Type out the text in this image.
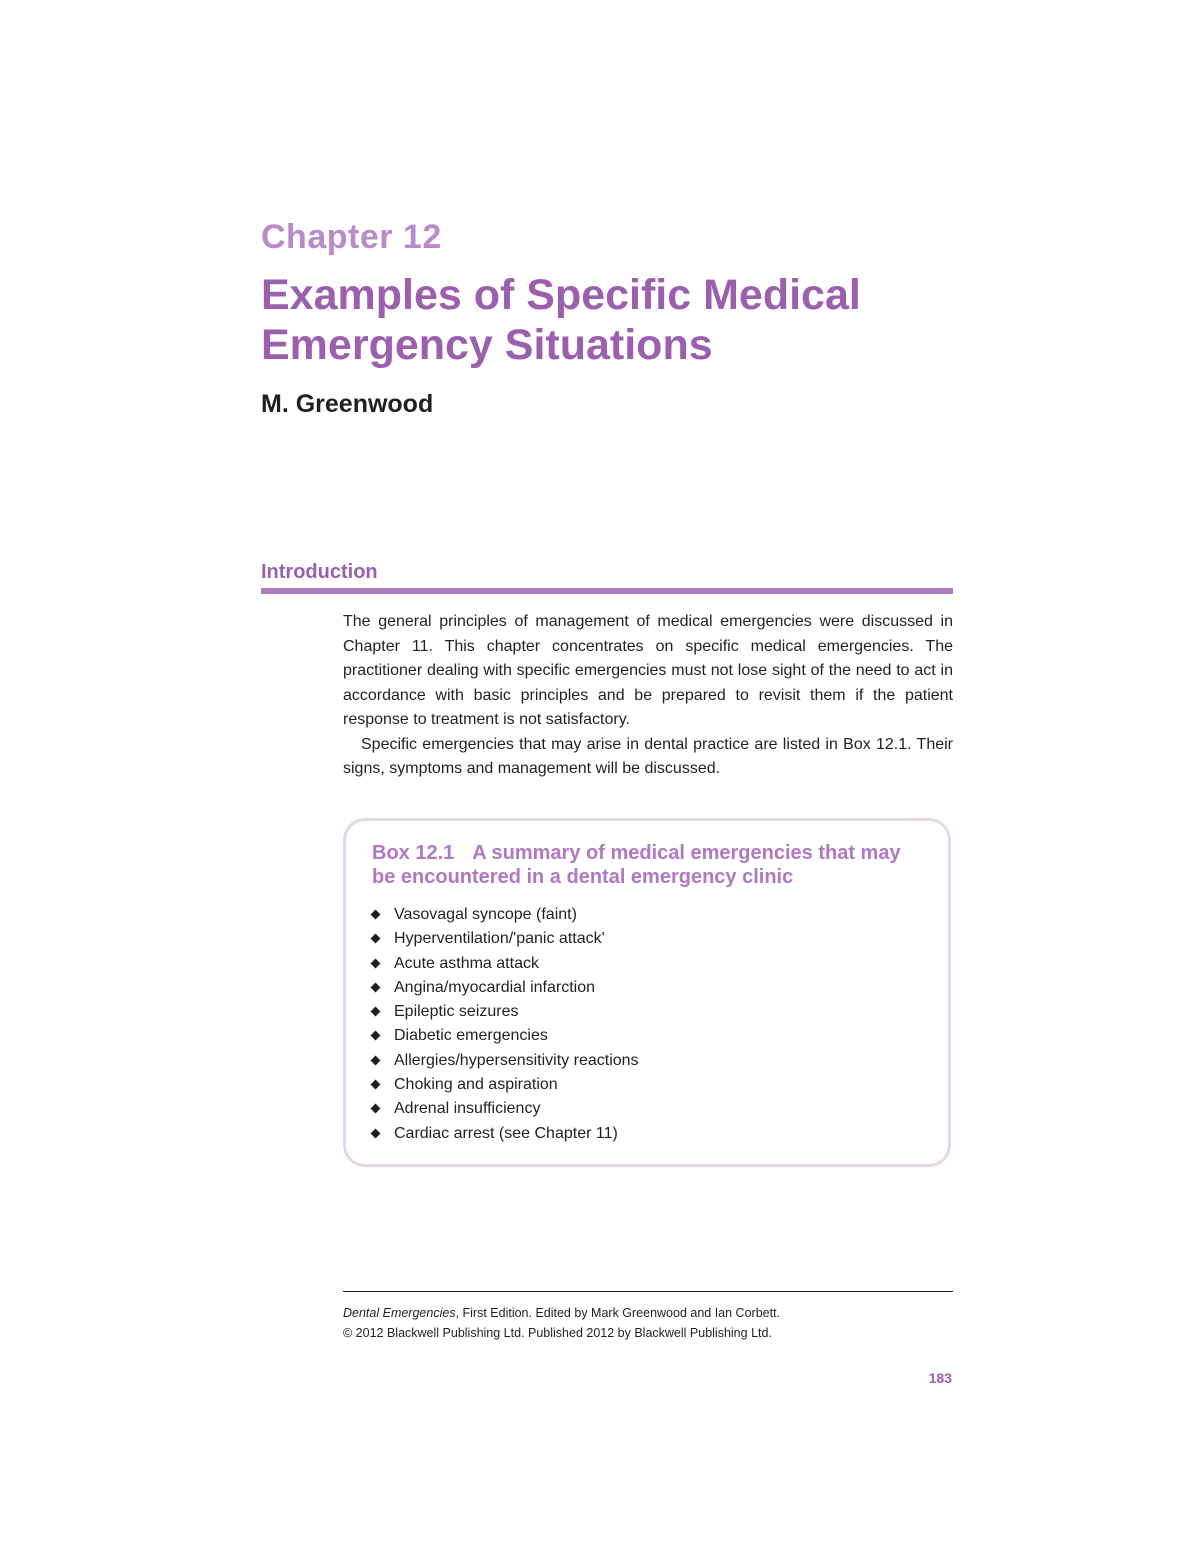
Chapter 12
Examples of Specific Medical
Emergency Situations
M. Greenwood
Introduction

The general principles of management of medical emergencies were discussed in Chapter 11. This chapter concentrates on specific medical emergencies. The practitioner dealing with specific emergencies must not lose sight of the need to act in accordance with basic principles and be prepared to revisit them if the patient response to treatment is not satisfactory.

Specific emergencies that may arise in dental practice are listed in Box 12.1. Their signs, symptoms and management will be discussed.

Box 12.1 A summary of medical emergencies that may be encountered in a dental emergency clinic
Vasovagal syncope (faint)
Hyperventilation/'panic attack'
Acute asthma attack
Angina/myocardial infarction
Epileptic seizures
Diabetic emergencies
Allergies/hypersensitivity reactions
Choking and aspiration
Adrenal insufficiency
Cardiac arrest (see Chapter 11)
Dental Emergencies, First Edition. Edited by Mark Greenwood and Ian Corbett.
© 2012 Blackwell Publishing Ltd. Published 2012 by Blackwell Publishing Ltd.
183
